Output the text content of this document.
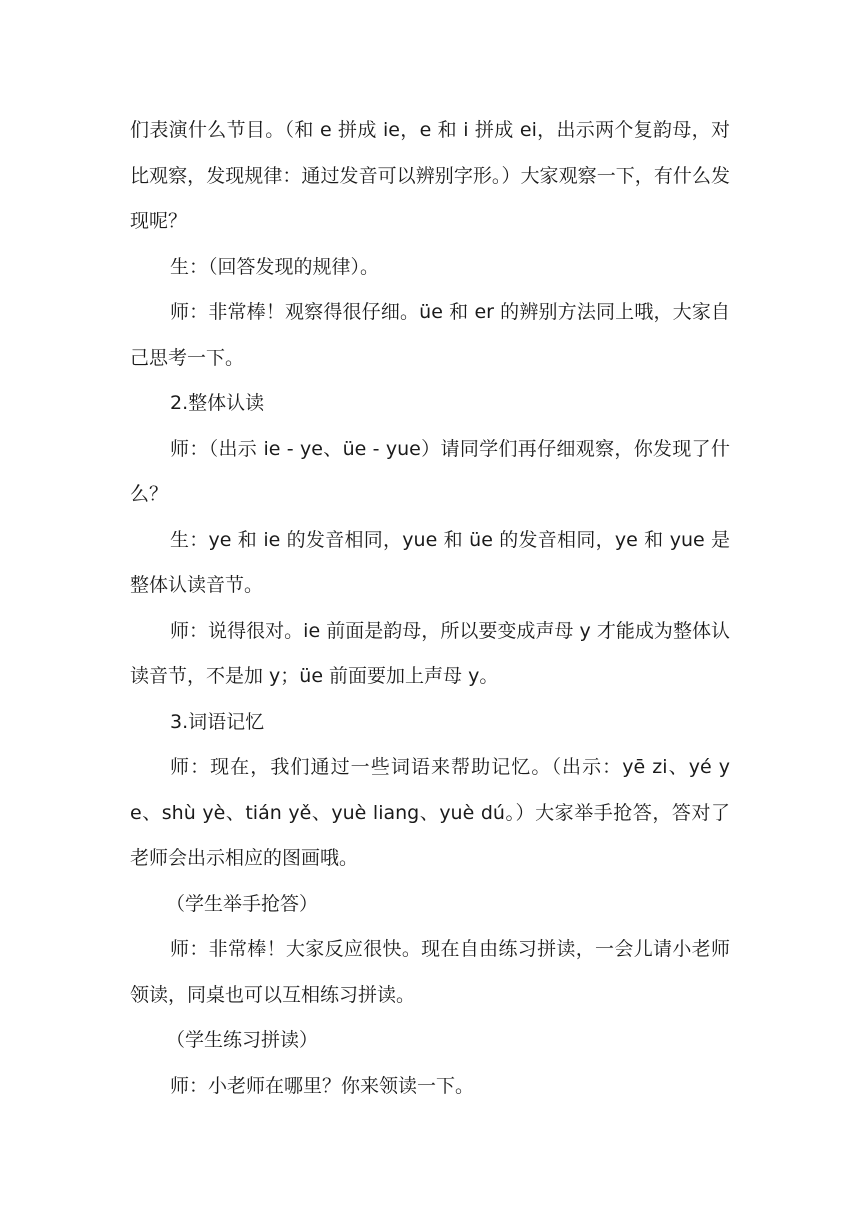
们表演什么节目。（和 e 拼成 ie，e 和 i 拼成 ei，出示两个复韵母，对比观察，发现规律：通过发音可以辨别字形。）大家观察一下，有什么发现呢？

生：（回答发现的规律）。

师：非常棒！观察得很仔细。üe 和 er 的辨别方法同上哦，大家自己思考一下。

2.整体认读

师：（出示 ie - ye、üe - yue）请同学们再仔细观察，你发现了什么？

生：ye 和 ie 的发音相同，yue 和 üe 的发音相同，ye 和 yue 是整体认读音节。

师：说得很对。ie 前面是韵母，所以要变成声母 y 才能成为整体认读音节，不是加 y；üe 前面要加上声母 y。

3.词语记忆

师：现在，我们通过一些词语来帮助记忆。（出示：yē zi、yé ye、shù yè、tián yě、yuè liang、yuè dú。）大家举手抢答，答对了老师会出示相应的图画哦。

（学生举手抢答）

师：非常棒！大家反应很快。现在自由练习拼读，一会儿请小老师领读，同桌也可以互相练习拼读。

（学生练习拼读）

师：小老师在哪里？你来领读一下。
